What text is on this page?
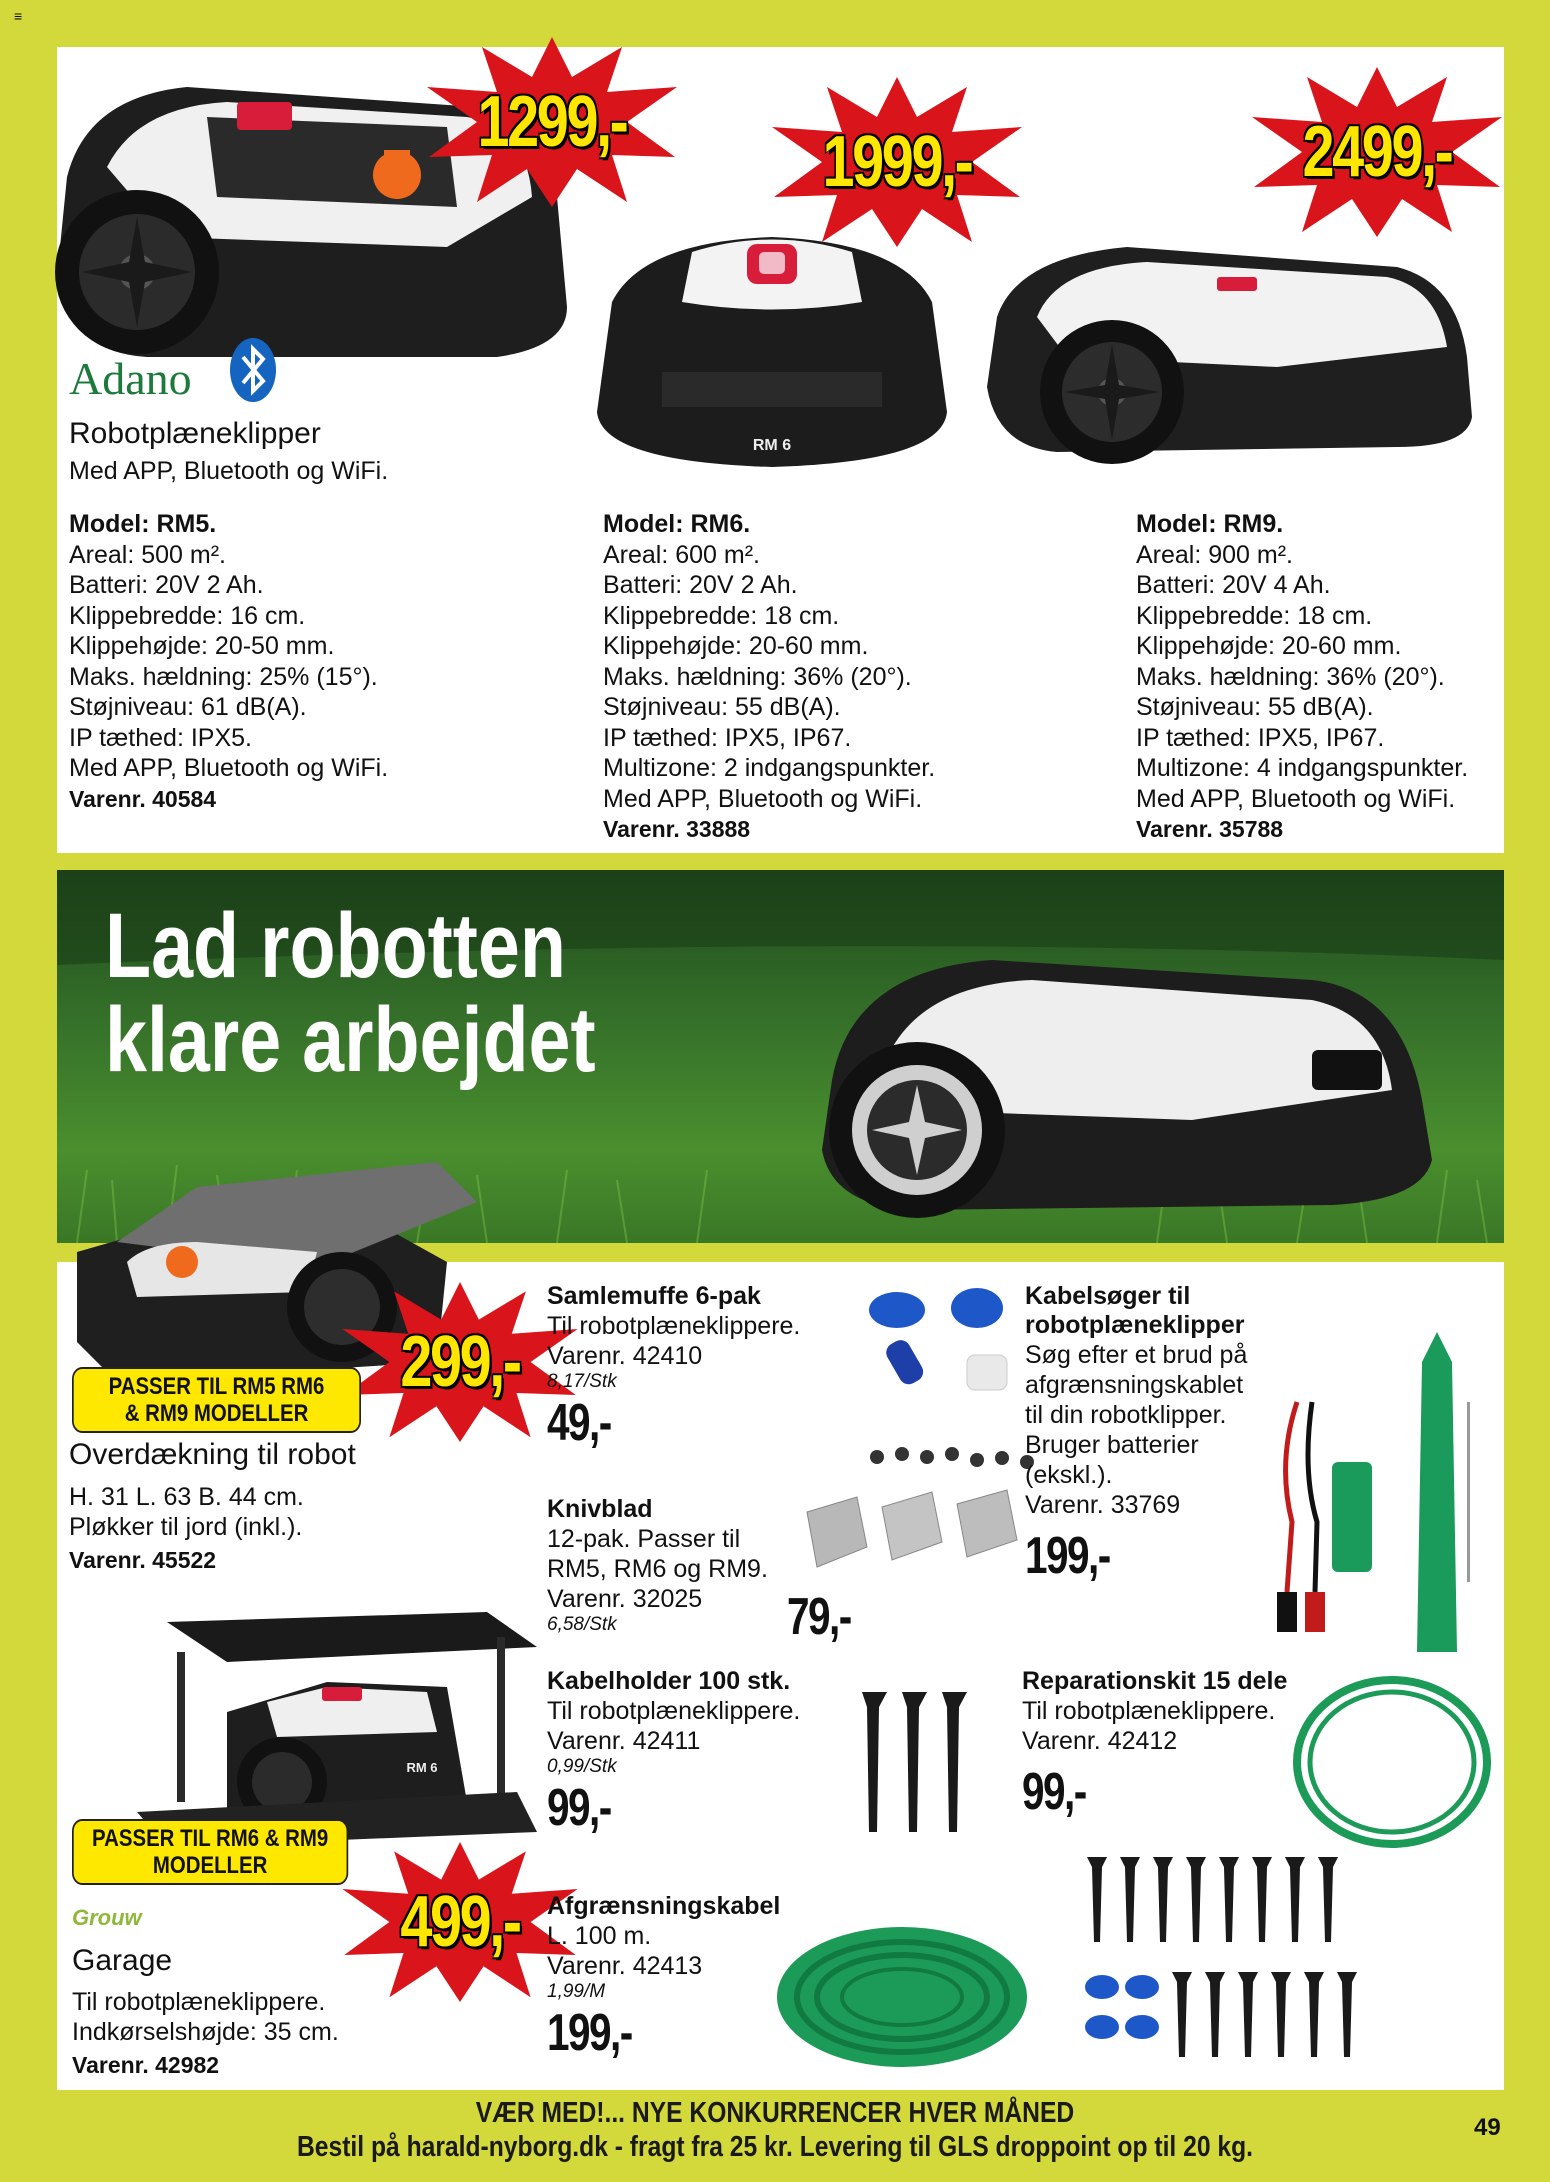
≡
RM 6
1299,-	1999,-	2499,-
Adano
Robotplæneklipper
Med APP, Bluetooth og WiFi.
Model: RM5.
Areal: 500 m².
Batteri: 20V 2 Ah.
Klippebredde: 16 cm.
Klippehøjde: 20-50 mm.
Maks. hældning: 25% (15°).
Støjniveau: 61 dB(A).
IP tæthed: IPX5.
Med APP, Bluetooth og WiFi.
Varenr. 40584
Model: RM6.
Areal: 600 m².
Batteri: 20V 2 Ah.
Klippebredde: 18 cm.
Klippehøjde: 20-60 mm.
Maks. hældning: 36% (20°).
Støjniveau: 55 dB(A).
IP tæthed: IPX5, IP67.
Multizone: 2 indgangspunkter.
Med APP, Bluetooth og WiFi.
Varenr. 33888
Model: RM9.
Areal: 900 m².
Batteri: 20V 4 Ah.
Klippebredde: 18 cm.
Klippehøjde: 20-60 mm.
Maks. hældning: 36% (20°).
Støjniveau: 55 dB(A).
IP tæthed: IPX5, IP67.
Multizone: 4 indgangspunkter.
Med APP, Bluetooth og WiFi.
Varenr. 35788
Lad robotten
klare arbejdet
299,-
PASSER TIL RM5 RM6
& RM9 MODELLER
Overdækning til robot
H. 31 L. 63 B. 44 cm.
Pløkker til jord (inkl.).
Varenr. 45522
RM 6
PASSER TIL RM6 & RM9
MODELLER
499,-
Grouw
Garage
Til robotplæneklippere.
Indkørselshøjde: 35 cm.
Varenr. 42982
Samlemuffe 6-pak
Til robotplæneklippere.
Varenr. 42410
8,17/Stk
49,-
Knivblad
12-pak. Passer til
RM5, RM6 og RM9.
Varenr. 32025
6,58/Stk	79,-
Kabelholder 100 stk.
Til robotplæneklippere.
Varenr. 42411
0,99/Stk
99,-
Afgrænsningskabel
L. 100 m.
Varenr. 42413
1,99/M
199,-
Kabelsøger til
robotplæneklipper
Søg efter et brud på
afgrænsningskablet
til din robotklipper.
Bruger batterier
(ekskl.).
Varenr. 33769
199,-
Reparationskit 15 dele
Til robotplæneklippere.
Varenr. 42412
99,-
VÆR MED!... NYE KONKURRENCER HVER MÅNED
Bestil på harald-nyborg.dk - fragt fra 25 kr. Levering til GLS droppoint op til 20 kg.
49
